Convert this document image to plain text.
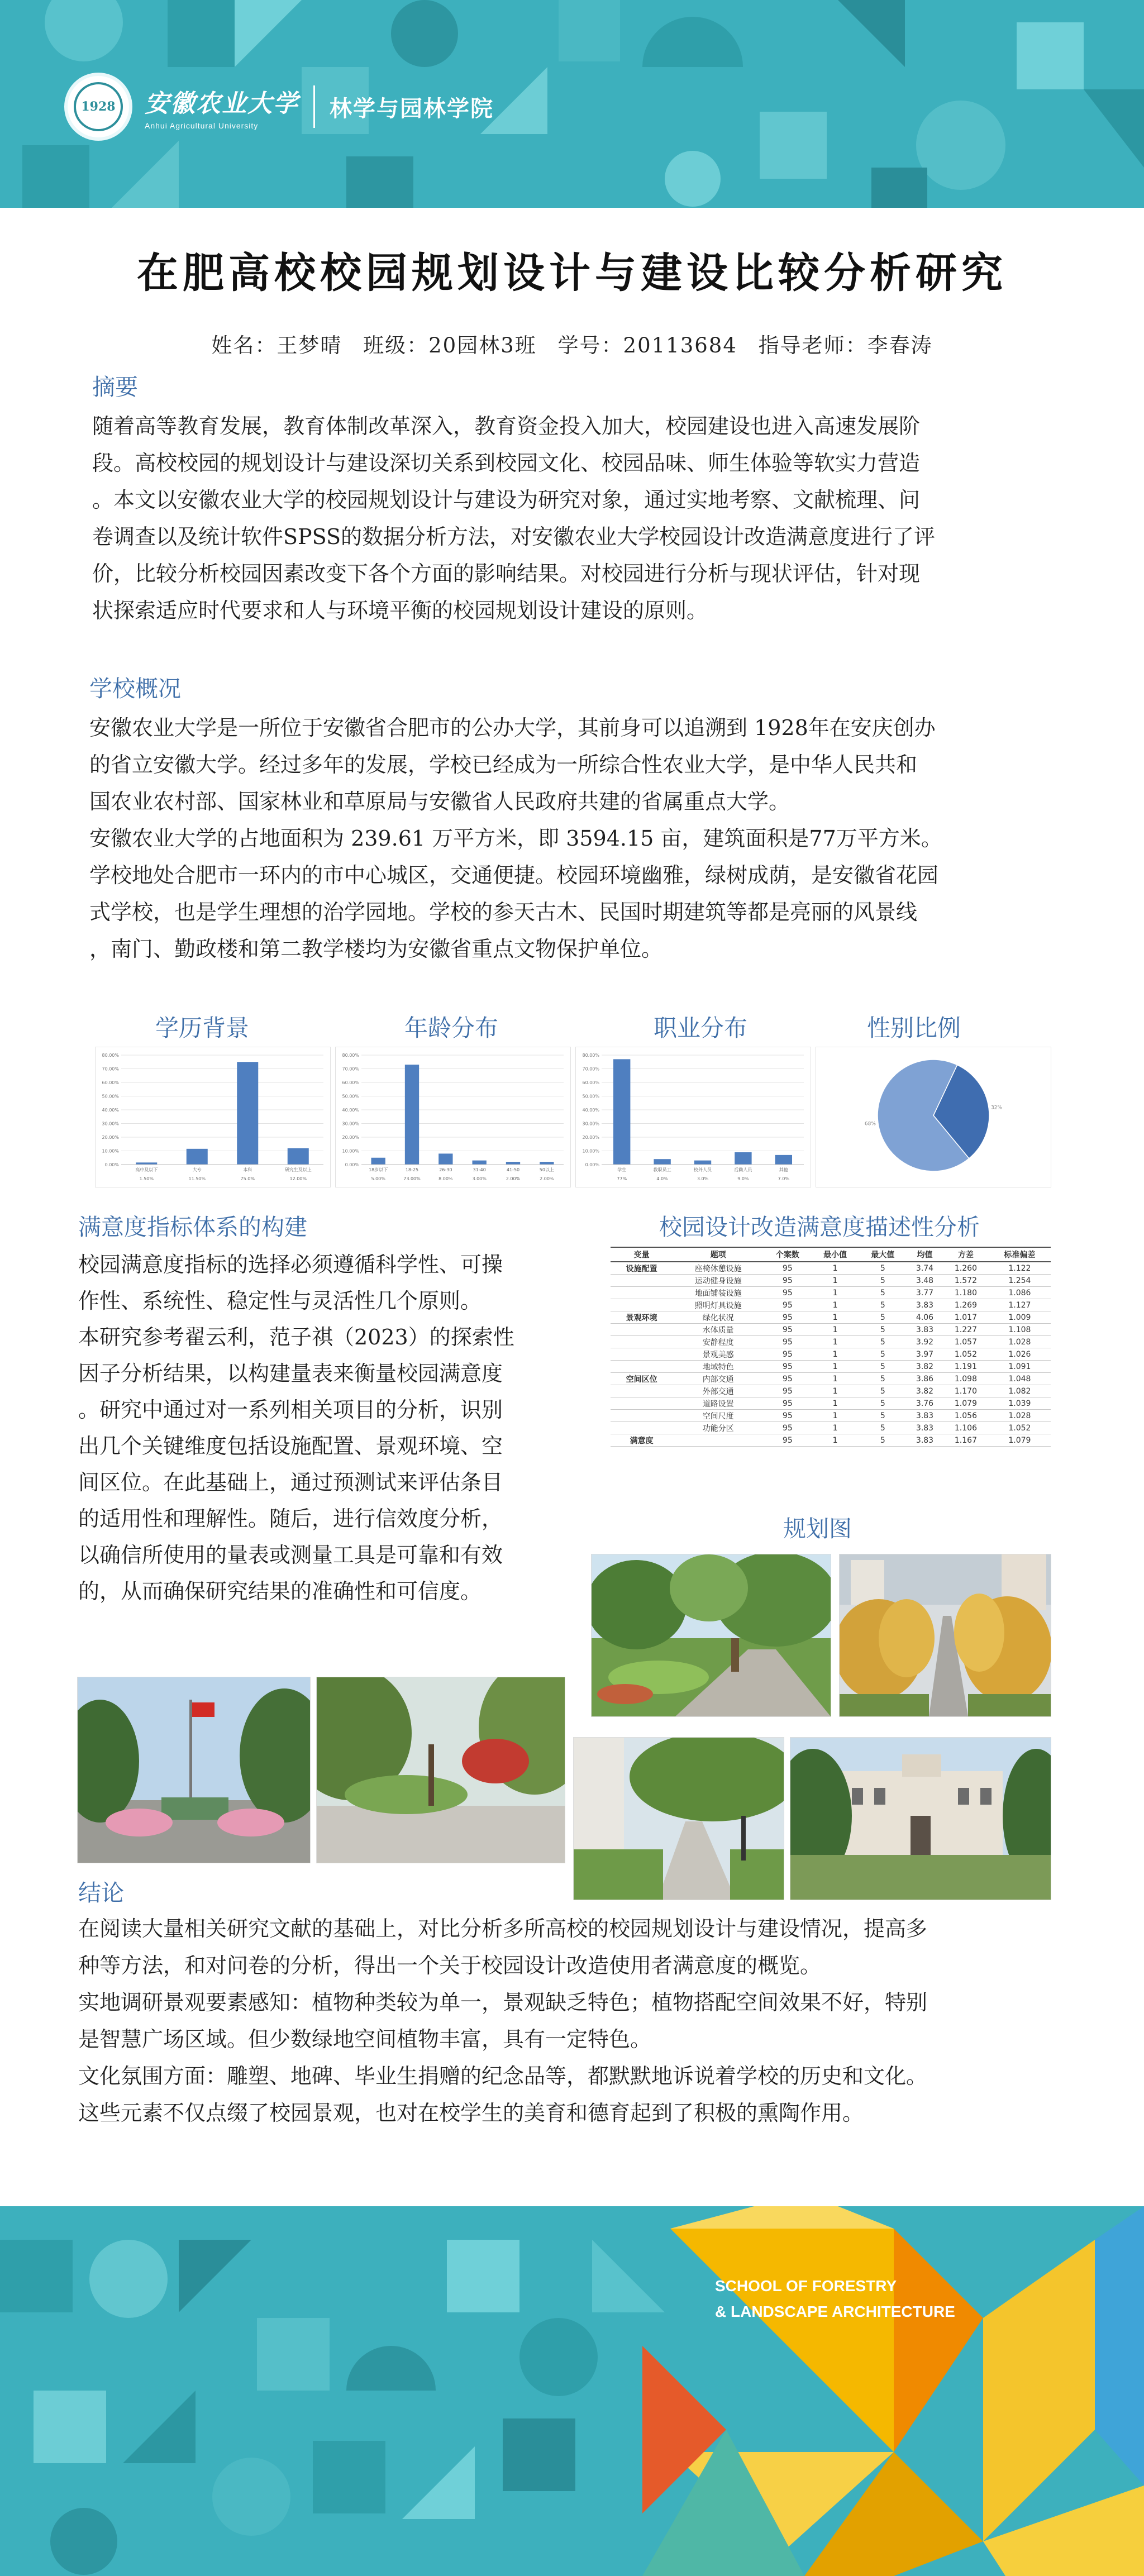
1928	安徽农业大学
Anhui Agricultural University
林学与园林学院
在肥高校校园规划设计与建设比较分析研究
姓名：王梦晴 班级：20园林3班 学号：20113684 指导老师：李春涛
摘要

随着高等教育发展，教育体制改革深入，教育资金投入加大，校园建设也进入高速发展阶

段。高校校园的规划设计与建设深切关系到校园文化、校园品味、师生体验等软实力营造

。本文以安徽农业大学的校园规划设计与建设为研究对象，通过实地考察、文献梳理、问

卷调查以及统计软件SPSS的数据分析方法，对安徽农业大学校园设计改造满意度进行了评

价，比较分析校园因素改变下各个方面的影响结果。对校园进行分析与现状评估，针对现

状探索适应时代要求和人与环境平衡的校园规划设计建设的原则。

学校概况

安徽农业大学是一所位于安徽省合肥市的公办大学，其前身可以追溯到 1928年在安庆创办

的省立安徽大学。经过多年的发展，学校已经成为一所综合性农业大学，是中华人民共和

国农业农村部、国家林业和草原局与安徽省人民政府共建的省属重点大学。

安徽农业大学的占地面积为 239.61 万平方米，即 3594.15 亩，建筑面积是77万平方米。

学校地处合肥市一环内的市中心城区，交通便捷。校园环境幽雅，绿树成荫，是安徽省花园

式学校，也是学生理想的治学园地。学校的参天古木、民国时期建筑等都是亮丽的风景线

，南门、勤政楼和第二教学楼均为安徽省重点文物保护单位。

学历背景	年龄分布	职业分布	性别比例
0.00%
10.00%
20.00%
30.00%
40.00%
50.00%
60.00%
70.00%
80.00%
高中及以下
1.50%
大专
11.50%
本科
75.0%
研究生及以上
12.00%
0.00%
10.00%
20.00%
30.00%
40.00%
50.00%
60.00%
70.00%
80.00%
18岁以下
5.00%
18-25
73.00%
26-30
8.00%
31-40
3.00%
41-50
2.00%
50以上
2.00%
0.00%
10.00%
20.00%
30.00%
40.00%
50.00%
60.00%
70.00%
80.00%
学生
77%
教职员工
4.0%
校外人员
3.0%
后勤人员
9.0%
其他
7.0%
32%
68%
满意度指标体系的构建

校园满意度指标的选择必须遵循科学性、可操

作性、系统性、稳定性与灵活性几个原则。

本研究参考翟云利，范子祺（2023）的探索性

因子分析结果，以构建量表来衡量校园满意度

。研究中通过对一系列相关项目的分析，识别

出几个关键维度包括设施配置、景观环境、空

间区位。在此基础上，通过预测试来评估条目

的适用性和理解性。随后，进行信效度分析，

以确信所使用的量表或测量工具是可靠和有效

的，从而确保研究结果的准确性和可信度。

校园设计改造满意度描述性分析
变量	题项	个案数	最小值	最大值	均值	方差	标准偏差
设施配置	座椅休憩设施	95	1	5	3.74	1.260	1.122
	运动健身设施	95	1	5	3.48	1.572	1.254
	地面铺装设施	95	1	5	3.77	1.180	1.086
	照明灯具设施	95	1	5	3.83	1.269	1.127
景观环境	绿化状况	95	1	5	4.06	1.017	1.009
	水体质量	95	1	5	3.83	1.227	1.108
	安静程度	95	1	5	3.92	1.057	1.028
	景观美感	95	1	5	3.97	1.052	1.026
	地域特色	95	1	5	3.82	1.191	1.091
空间区位	内部交通	95	1	5	3.86	1.098	1.048
	外部交通	95	1	5	3.82	1.170	1.082
	道路设置	95	1	5	3.76	1.079	1.039
	空间尺度	95	1	5	3.83	1.056	1.028
	功能分区	95	1	5	3.83	1.106	1.052
满意度		95	1	5	3.83	1.167	1.079
规划图
结论

在阅读大量相关研究文献的基础上，对比分析多所高校的校园规划设计与建设情况，提高多

种等方法，和对问卷的分析，得出一个关于校园设计改造使用者满意度的概览。

实地调研景观要素感知：植物种类较为单一，景观缺乏特色；植物搭配空间效果不好，特别

是智慧广场区域。但少数绿地空间植物丰富，具有一定特色。

文化氛围方面：雕塑、地碑、毕业生捐赠的纪念品等，都默默地诉说着学校的历史和文化。

这些元素不仅点缀了校园景观，也对在校学生的美育和德育起到了积极的熏陶作用。

SCHOOL OF FORESTRY
& LANDSCAPE ARCHITECTURE
